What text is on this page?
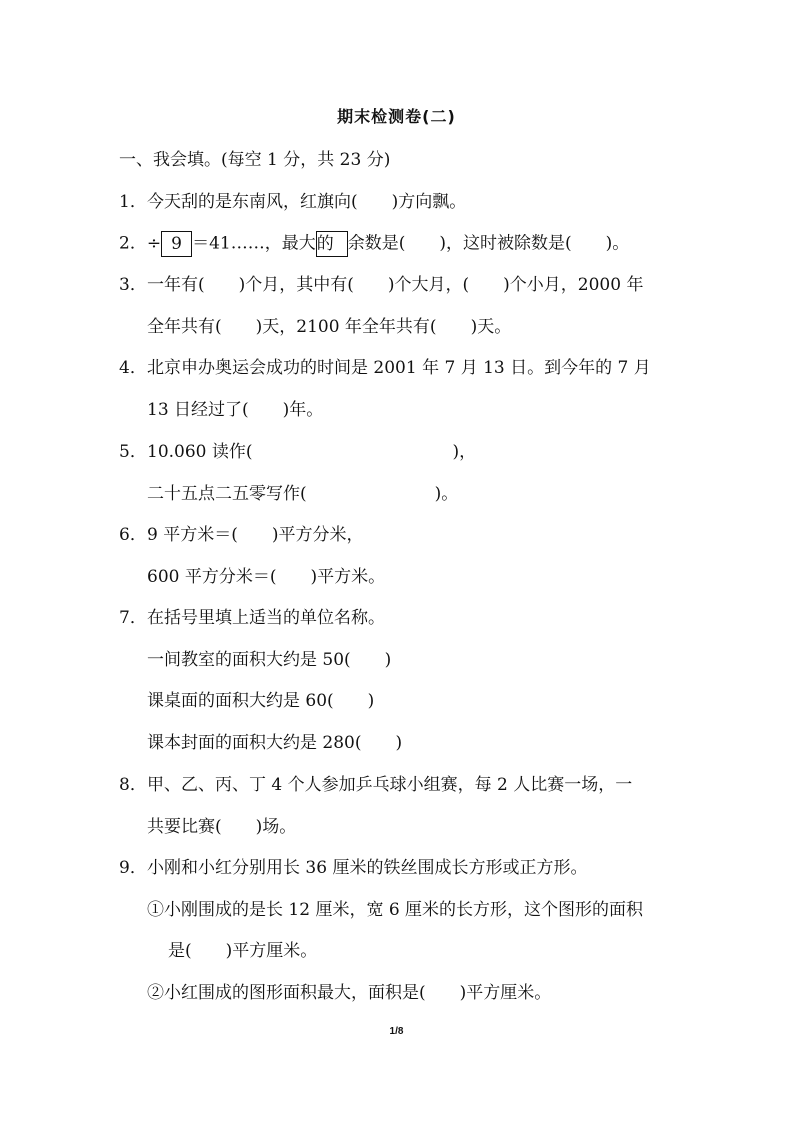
期末检测卷(二)
一、我会填。(每空 1 分，共 23 分)
1．今天刮的是东南风，红旗向(　　)方向飘。
2．÷ 9 ＝41……，最大的 余数是(　　)，这时被除数是(　　)。
3．一年有(　　)个月，其中有(　　)个大月，(　　)个小月，2000 年
全年共有(　　)天，2100 年全年共有(　　)天。
4．北京申办奥运会成功的时间是 2001 年 7 月 13 日。到今年的 7 月
13 日经过了(　　)年。
5．10.060 读作(	)，
二十五点二五零写作(	)。
6．9 平方米＝(　　)平方分米，
600 平方分米＝(　　)平方米。
7．在括号里填上适当的单位名称。
一间教室的面积大约是 50(　　)
课桌面的面积大约是 60(　　)
课本封面的面积大约是 280(　　)
8．甲、乙、丙、丁 4 个人参加乒乓球小组赛，每 2 人比赛一场，一
共要比赛(　　)场。
9．小刚和小红分别用长 36 厘米的铁丝围成长方形或正方形。
①小刚围成的是长 12 厘米，宽 6 厘米的长方形，这个图形的面积
是(　　)平方厘米。
②小红围成的图形面积最大，面积是(　　)平方厘米。
1/8
